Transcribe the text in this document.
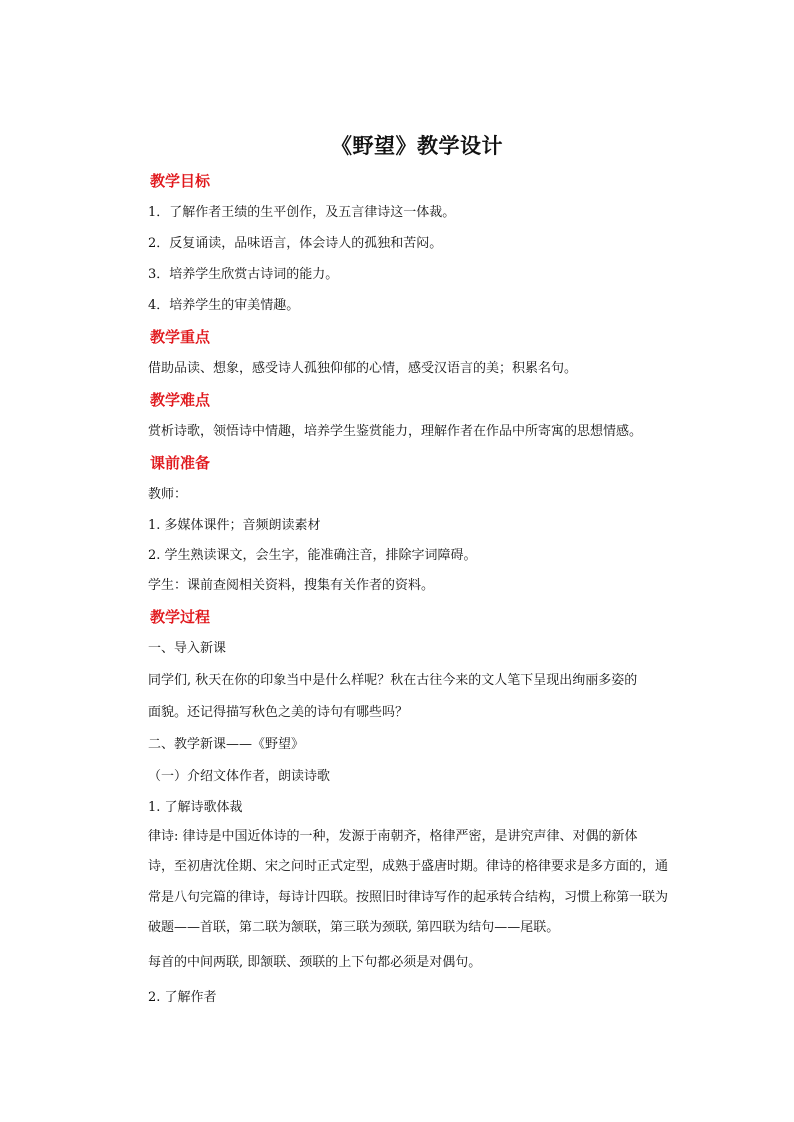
《野望》教学设计
教学目标
1．了解作者王绩的生平创作，及五言律诗这一体裁。
2．反复诵读，品味语言，体会诗人的孤独和苦闷。
3．培养学生欣赏古诗词的能力。
4．培养学生的审美情趣。
教学重点
借助品读、想象，感受诗人孤独仰郁的心情，感受汉语言的美；积累名句。
教学难点
赏析诗歌，领悟诗中情趣，培养学生鉴赏能力，理解作者在作品中所寄寓的思想情感。
课前准备
教师：
1. 多媒体课件；音频朗读素材
2. 学生熟读课文，会生字，能准确注音，排除字词障碍。
学生：课前查阅相关资料，搜集有关作者的资料。
教学过程
一、导入新课
同学们, 秋天在你的印象当中是什么样呢？秋在古往今来的文人笔下呈现出绚丽多姿的
面貌。还记得描写秋色之美的诗句有哪些吗？
二、教学新课——《野望》
（一）介绍文体作者，朗读诗歌
1. 了解诗歌体裁
律诗: 律诗是中国近体诗的一种，发源于南朝齐，格律严密，是讲究声律、对偶的新体
诗，至初唐沈佺期、宋之问时正式定型，成熟于盛唐时期。律诗的格律要求是多方面的，通
常是八句完篇的律诗，每诗计四联。按照旧时律诗写作的起承转合结构，习惯上称第一联为
破题——首联，第二联为颔联，第三联为颈联, 第四联为结句——尾联。
每首的中间两联, 即颔联、颈联的上下句都必须是对偶句。
2. 了解作者
